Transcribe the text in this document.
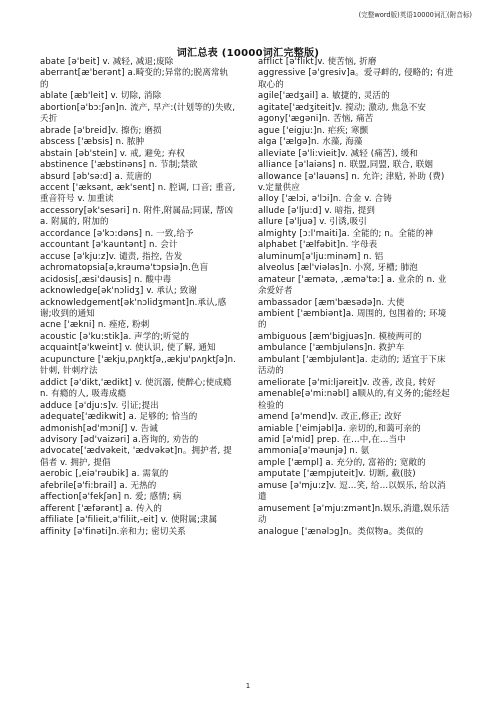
(完整word版)英语10000词汇(附音标)
词汇总表 (10000词汇完整版)

abate [ə'beit] v. 减轻, 减退;废除

aberrant[æ'berənt] a.畸变的;异常的;脱离常轨的

ablate [æb'leit] v. 切除, 消除

abortion[ə'bɔ:ʃən]n. 流产, 早产:(计划等的)失败,夭折

abrade [ə'breid]v. 擦伤; 磨损

abscess ['æbsis] n. 脓肿

abstain [əb'stein] v. 戒, 避免; 弃权

abstinence ['æbstinəns] n. 节制;禁欲

absurd [əb'sə:d] a. 荒唐的

accent ['æksənt, æk'sent] n. 腔调, 口音; 重音, 重音符号 v. 加重读

accessory[ək'sesəri] n. 附件,附属品;同谋, 帮凶 a. 附属的, 附加的

accordance [ə'kɔ:dəns] n. 一致,给予

accountant [ə'kauntənt] n. 会计

accuse [ə'kju:z]v. 谴责, 指控, 告发

achromatopsia[ə,krəumə'tɔpsiə]n.色盲

acidosis[,æsi'dəusis] n. 酸中毒

acknowledge[ək'nɔlidʒ] v. 承认; 致谢

acknowledgement[ək'nɔlidʒmənt]n.承认,感谢;收到的通知

acne ['ækni] n. 痤疮, 粉刺

acoustic [ə'ku:stik]a. 声学的;听觉的

acquaint[ə'kweint] v. 使认识, 使了解, 通知

acupuncture ['ækjuˌpʌŋktʃə,,ækju'pʌŋktʃə]n. 针刺, 针刺疗法

addict [ə'dikt,'ædikt] v. 使沉溺, 使醉心;使成瘾 n. 有瘾的人, 吸毒成瘾

adduce [ə'dju:s]v. 引证;提出

adequate['ædikwit] a. 足够的; 恰当的

admonish[əd'mɔniʃ] v. 告诫

advisory [əd'vaizəri] a.咨询的, 劝告的

advocate['ædvəkeit, 'ædvəkət]n。拥护者, 提倡者 v. 拥护, 提倡

aerobic [,eiə'rəubik] a. 需氧的

afebrile[ə'fi:brail] a. 无热的

affection[ə'fekʃən] n. 爱; 感情; 病

afferent ['æfərənt] a. 传入的

affiliate [ə'filieit,ə'filiit,-eit] v. 使附属;隶属

affinity [ə'finəti]n.亲和力; 密切关系

afflict [ə'flikt]v. 使苦恼, 折磨

aggressive [ə'gresiv]a。爱寻衅的, 侵略的; 有进取心的

agile['ædʒail] a. 敏捷的, 灵活的

agitate['ædʒiteit]v. 搅动; 激动, 焦急不安

agony['ægəni]n. 苦恼, 痛苦

ague ['eigju:]n. 疟疾; 寒颤

alga ['ælgə]n. 水藻, 海藻

alleviate [ə'li:vieit]v. 减轻 (痛苦), 缓和

alliance [ə'laiəns] n. 联盟,同盟, 联合, 联姻

allowance [ə'lauəns] n. 允许; 津贴, 补助 (费) v.定量供应

alloy ['ælɔi, ə'lɔi]n. 合金 v. 合铸

allude [ə'lju:d] v. 暗指, 提到

allure [ə'ljuə] v. 引诱,吸引

almighty [ɔ:l'maiti]a. 全能的; n。全能的神

alphabet ['ælfəbit]n. 字母表

aluminum[ə'lju:minəm] n. 铝

alveolus [æl'viələs]n. 小窝, 牙槽; 肺泡

amateur ['æmətə, ,æmə'tə:] a. 业余的 n. 业余爱好者

ambassador [æm'bæsədə]n. 大使

ambient ['æmbiənt]a. 周围的, 包围着的; 环境的

ambiguous [æm'bigjuəs]n. 模棱两可的

ambulance ['æmbjuləns]n. 救护车

ambulant ['æmbjulənt]a. 走动的; 适宜于下床活动的

ameliorate [ə'mi:ljəreit]v. 改善, 改良, 转好

amenable[ə'mi:nəbl] a顺从的,有义务的;能经起检验的

amend [ə'mend]v. 改正,修正; 改好

amiable ['eimjəbl]a. 亲切的,和蔼可亲的

amid [ə'mid] prep. 在…中,在…当中

ammonia[ə'məunjə] n. 氨

ample ['æmpl] a. 充分的, 富裕的; 宽敞的

amputate ['æmpjuteit]v. 切断, 截(肢)

amuse [ə'mju:z]v. 逗…笑, 给…以娱乐, 给以消遣

amusement [ə'mju:zmənt]n.娱乐,消遣,娱乐活动

analogue ['ænəlɔg]n。类似物a。类似的

1
